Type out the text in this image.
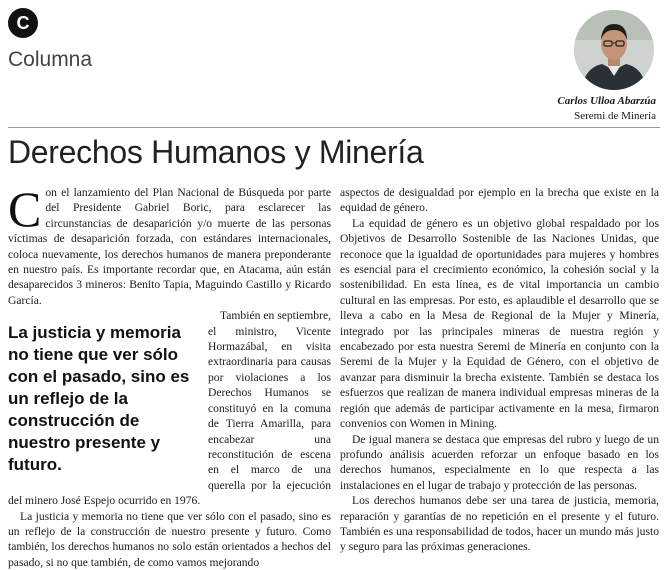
C
Columna
Carlos Ulloa Abarzúa
Seremi de Minería
Derechos Humanos y Minería
C on el lanzamiento del Plan Nacional de Búsqueda por parte del Presidente Gabriel Boric, para esclarecer las circunstancias de desaparición y/o muerte de las personas víctimas de desaparición forzada, con estándares internacionales, coloca nuevamente, los derechos humanos de manera preponderante en nuestro país. Es importante recordar que, en Atacama, aún están desaparecidos 3 mineros: Benito Tapia, Maguindo Castillo y Ricardo García.

La justicia y memoria no tiene que ver sólo con el pasado, sino es un reflejo de la construcción de nuestro presente y futuro.

También en septiembre, el ministro, Vicente Hormazábal, en visita extraordinaria para causas por violaciones a los Derechos Humanos se constituyó en la comuna de Tierra Amarilla, para encabezar una reconstitución de escena en el marco de una querella por la ejecución del minero José Espejo ocurrido en 1976.

La justicia y memoria no tiene que ver sólo con el pasado, sino es un reflejo de la construcción de nuestro presente y futuro. Como también, los derechos humanos no solo están orientados a hechos del pasado, si no que también, de como vamos mejorando

aspectos de desigualdad por ejemplo en la brecha que existe en la equidad de género.

La equidad de género es un objetivo global respaldado por los Objetivos de Desarrollo Sostenible de las Naciones Unidas, que reconoce que la igualdad de oportunidades para mujeres y hombres es esencial para el crecimiento económico, la cohesión social y la sostenibilidad. En esta línea, es de vital importancia un cambio cultural en las empresas. Por esto, es aplaudible el desarrollo que se lleva a cabo en la Mesa de Regional de la Mujer y Minería, integrado por las principales mineras de nuestra región y encabezado por esta nuestra Seremi de Minería en conjunto con la Seremi de la Mujer y la Equidad de Género, con el objetivo de avanzar para disminuir la brecha existente. También se destaca los esfuerzos que realizan de manera individual empresas mineras de la región que además de participar activamente en la mesa, firmaron convenios con Women in Mining.

De igual manera se destaca que empresas del rubro y luego de un profundo análisis acuerden reforzar un enfoque basado en los derechos humanos, especialmente en lo que respecta a las instalaciones en el lugar de trabajo y protección de las personas.

Los derechos humanos debe ser una tarea de justicia, memoria, reparación y garantías de no repetición en el presente y el futuro. También es una responsabilidad de todos, hacer un mundo más justo y seguro para las próximas generaciones.
